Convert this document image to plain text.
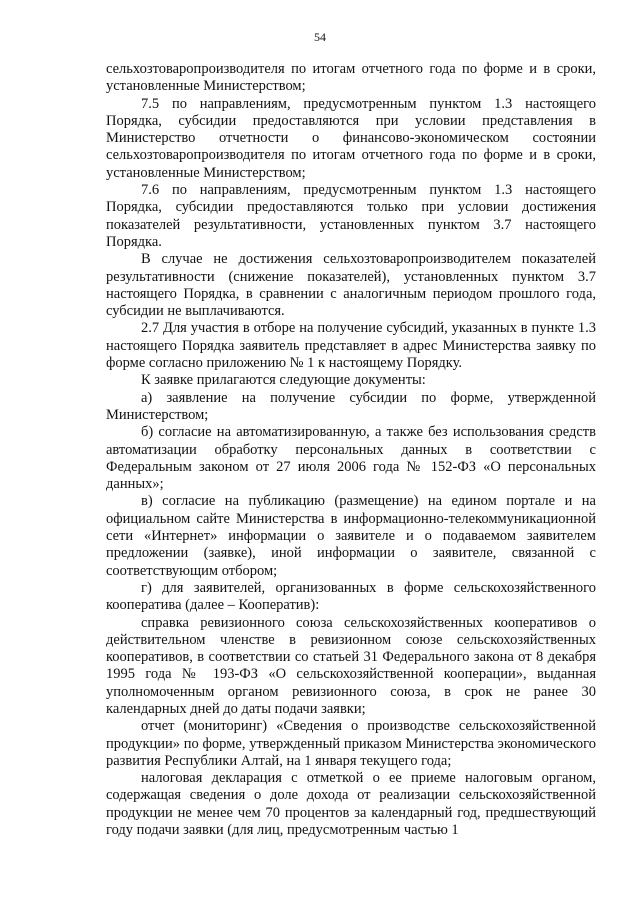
54

сельхозтоваропроизводителя по итогам отчетного года по форме и в сроки, установленные Министерством;

7.5 по направлениям, предусмотренным пунктом 1.3 настоящего Порядка, субсидии предоставляются при условии представления в Министерство отчетности о финансово-экономическом состоянии сельхозтоваропроизводителя по итогам отчетного года по форме и в сроки, установленные Министерством;

7.6 по направлениям, предусмотренным пунктом 1.3 настоящего Порядка, субсидии предоставляются только при условии достижения показателей результативности, установленных пунктом 3.7 настоящего Порядка.

В случае не достижения сельхозтоваропроизводителем показателей результативности (снижение показателей), установленных пунктом 3.7 настоящего Порядка, в сравнении с аналогичным периодом прошлого года, субсидии не выплачиваются.

2.7 Для участия в отборе на получение субсидий, указанных в пункте 1.3 настоящего Порядка заявитель представляет в адрес Министерства заявку по форме согласно приложению № 1 к настоящему Порядку.

К заявке прилагаются следующие документы:

а) заявление на получение субсидии по форме, утвержденной Министерством;

б) согласие на автоматизированную, а также без использования средств автоматизации обработку персональных данных в соответствии с Федеральным законом от 27 июля 2006 года № 152-ФЗ «О персональных данных»;

в) согласие на публикацию (размещение) на едином портале и на официальном сайте Министерства в информационно-телекоммуникационной сети «Интернет» информации о заявителе и о подаваемом заявителем предложении (заявке), иной информации о заявителе, связанной с соответствующим отбором;

г) для заявителей, организованных в форме сельскохозяйственного кооператива (далее – Кооператив):

справка ревизионного союза сельскохозяйственных кооперативов о действительном членстве в ревизионном союзе сельскохозяйственных кооперативов, в соответствии со статьей 31 Федерального закона от 8 декабря 1995 года № 193-ФЗ «О сельскохозяйственной кооперации», выданная уполномоченным органом ревизионного союза, в срок не ранее 30 календарных дней до даты подачи заявки;

отчет (мониторинг) «Сведения о производстве сельскохозяйственной продукции» по форме, утвержденный приказом Министерства экономического развития Республики Алтай, на 1 января текущего года;

налоговая декларация с отметкой о ее приеме налоговым органом, содержащая сведения о доле дохода от реализации сельскохозяйственной продукции не менее чем 70 процентов за календарный год, предшествующий году подачи заявки (для лиц, предусмотренным частью 1
